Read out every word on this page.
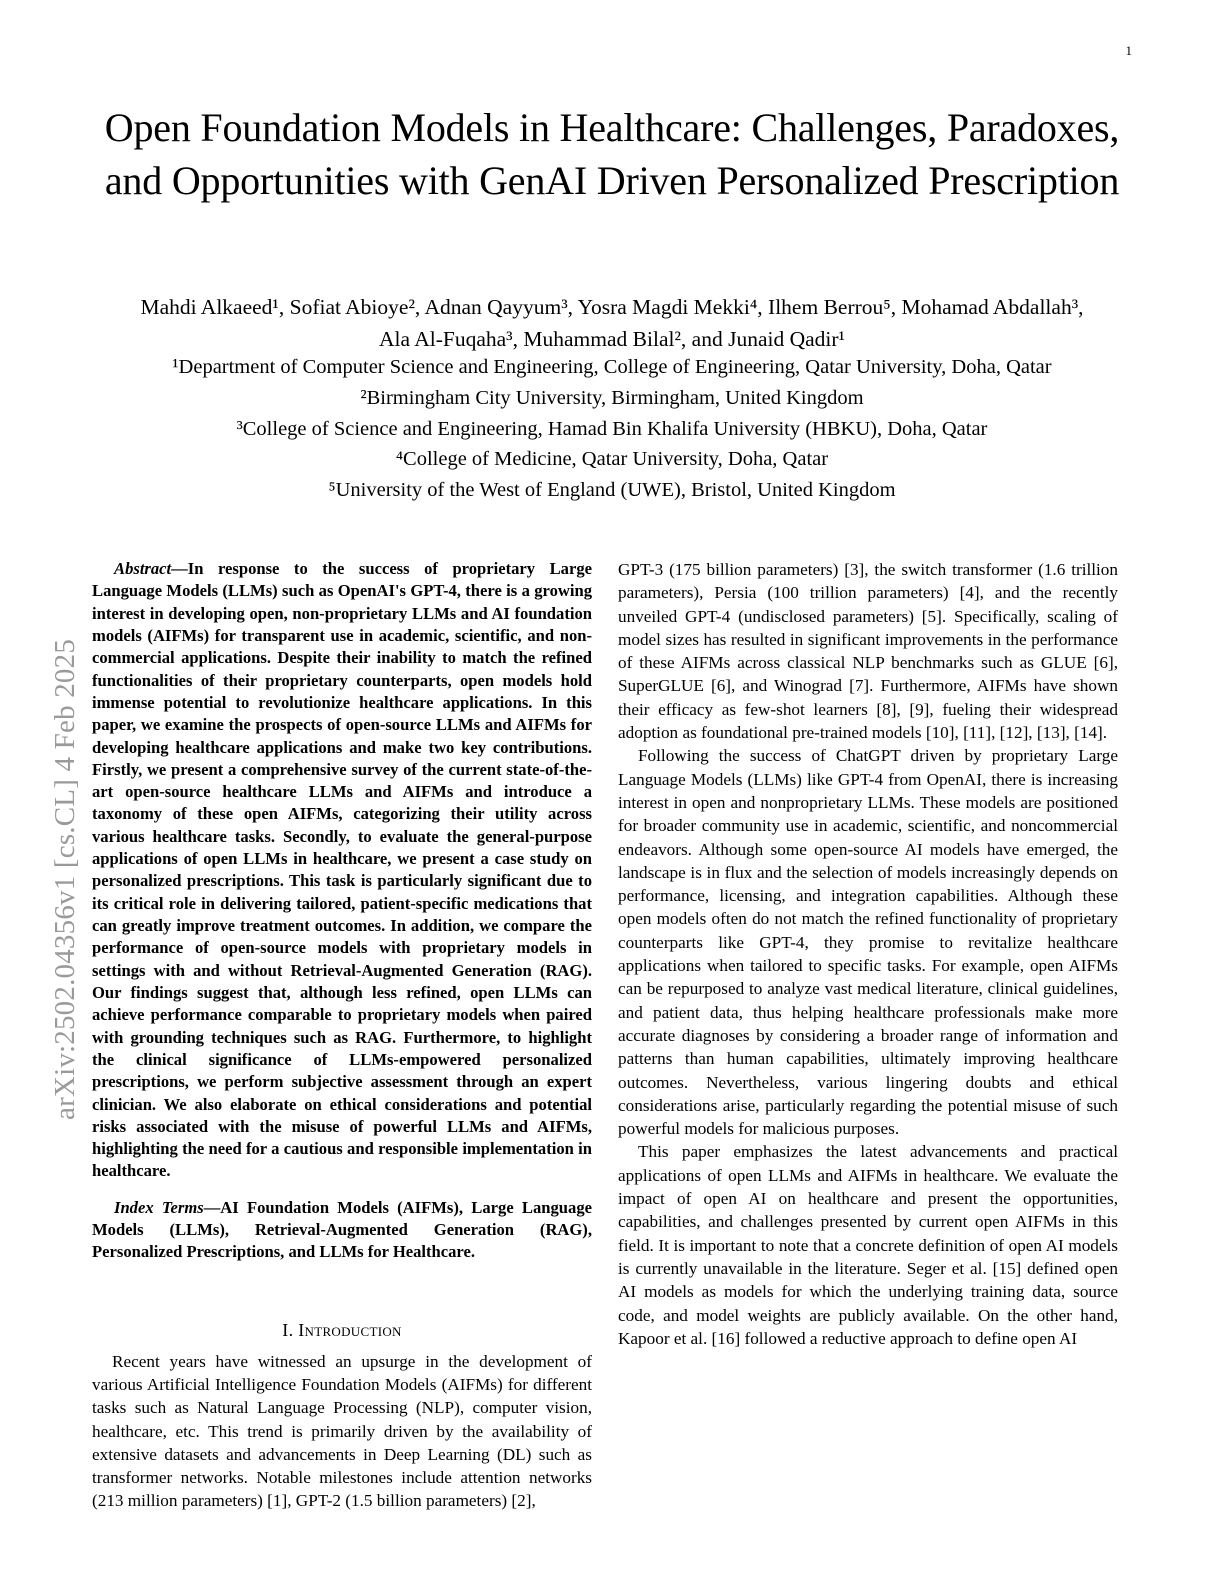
1
arXiv:2502.04356v1 [cs.CL] 4 Feb 2025
Open Foundation Models in Healthcare: Challenges, Paradoxes, and Opportunities with GenAI Driven Personalized Prescription
Mahdi Alkaeed¹, Sofiat Abioye², Adnan Qayyum³, Yosra Magdi Mekki⁴, Ilhem Berrou⁵, Mohamad Abdallah³,
Ala Al-Fuqaha³, Muhammad Bilal², and Junaid Qadir¹
¹Department of Computer Science and Engineering, College of Engineering, Qatar University, Doha, Qatar
²Birmingham City University, Birmingham, United Kingdom
³College of Science and Engineering, Hamad Bin Khalifa University (HBKU), Doha, Qatar
⁴College of Medicine, Qatar University, Doha, Qatar
⁵University of the West of England (UWE), Bristol, United Kingdom

Abstract—In response to the success of proprietary Large Language Models (LLMs) such as OpenAI's GPT-4, there is a growing interest in developing open, non-proprietary LLMs and AI foundation models (AIFMs) for transparent use in academic, scientific, and non-commercial applications. Despite their inability to match the refined functionalities of their proprietary counterparts, open models hold immense potential to revolutionize healthcare applications. In this paper, we examine the prospects of open-source LLMs and AIFMs for developing healthcare applications and make two key contributions. Firstly, we present a comprehensive survey of the current state-of-the-art open-source healthcare LLMs and AIFMs and introduce a taxonomy of these open AIFMs, categorizing their utility across various healthcare tasks. Secondly, to evaluate the general-purpose applications of open LLMs in healthcare, we present a case study on personalized prescriptions. This task is particularly significant due to its critical role in delivering tailored, patient-specific medications that can greatly improve treatment outcomes. In addition, we compare the performance of open-source models with proprietary models in settings with and without Retrieval-Augmented Generation (RAG). Our findings suggest that, although less refined, open LLMs can achieve performance comparable to proprietary models when paired with grounding techniques such as RAG. Furthermore, to highlight the clinical significance of LLMs-empowered personalized prescriptions, we perform subjective assessment through an expert clinician. We also elaborate on ethical considerations and potential risks associated with the misuse of powerful LLMs and AIFMs, highlighting the need for a cautious and responsible implementation in healthcare.

Index Terms—AI Foundation Models (AIFMs), Large Language Models (LLMs), Retrieval-Augmented Generation (RAG), Personalized Prescriptions, and LLMs for Healthcare.

I. Introduction

Recent years have witnessed an upsurge in the development of various Artificial Intelligence Foundation Models (AIFMs) for different tasks such as Natural Language Processing (NLP), computer vision, healthcare, etc. This trend is primarily driven by the availability of extensive datasets and advancements in Deep Learning (DL) such as transformer networks. Notable milestones include attention networks (213 million parameters) [1], GPT-2 (1.5 billion parameters) [2],

GPT-3 (175 billion parameters) [3], the switch transformer (1.6 trillion parameters), Persia (100 trillion parameters) [4], and the recently unveiled GPT-4 (undisclosed parameters) [5]. Specifically, scaling of model sizes has resulted in significant improvements in the performance of these AIFMs across classical NLP benchmarks such as GLUE [6], SuperGLUE [6], and Winograd [7]. Furthermore, AIFMs have shown their efficacy as few-shot learners [8], [9], fueling their widespread adoption as foundational pre-trained models [10], [11], [12], [13], [14].

Following the success of ChatGPT driven by proprietary Large Language Models (LLMs) like GPT-4 from OpenAI, there is increasing interest in open and nonproprietary LLMs. These models are positioned for broader community use in academic, scientific, and noncommercial endeavors. Although some open-source AI models have emerged, the landscape is in flux and the selection of models increasingly depends on performance, licensing, and integration capabilities. Although these open models often do not match the refined functionality of proprietary counterparts like GPT-4, they promise to revitalize healthcare applications when tailored to specific tasks. For example, open AIFMs can be repurposed to analyze vast medical literature, clinical guidelines, and patient data, thus helping healthcare professionals make more accurate diagnoses by considering a broader range of information and patterns than human capabilities, ultimately improving healthcare outcomes. Nevertheless, various lingering doubts and ethical considerations arise, particularly regarding the potential misuse of such powerful models for malicious purposes.

This paper emphasizes the latest advancements and practical applications of open LLMs and AIFMs in healthcare. We evaluate the impact of open AI on healthcare and present the opportunities, capabilities, and challenges presented by current open AIFMs in this field. It is important to note that a concrete definition of open AI models is currently unavailable in the literature. Seger et al. [15] defined open AI models as models for which the underlying training data, source code, and model weights are publicly available. On the other hand, Kapoor et al. [16] followed a reductive approach to define open AI
